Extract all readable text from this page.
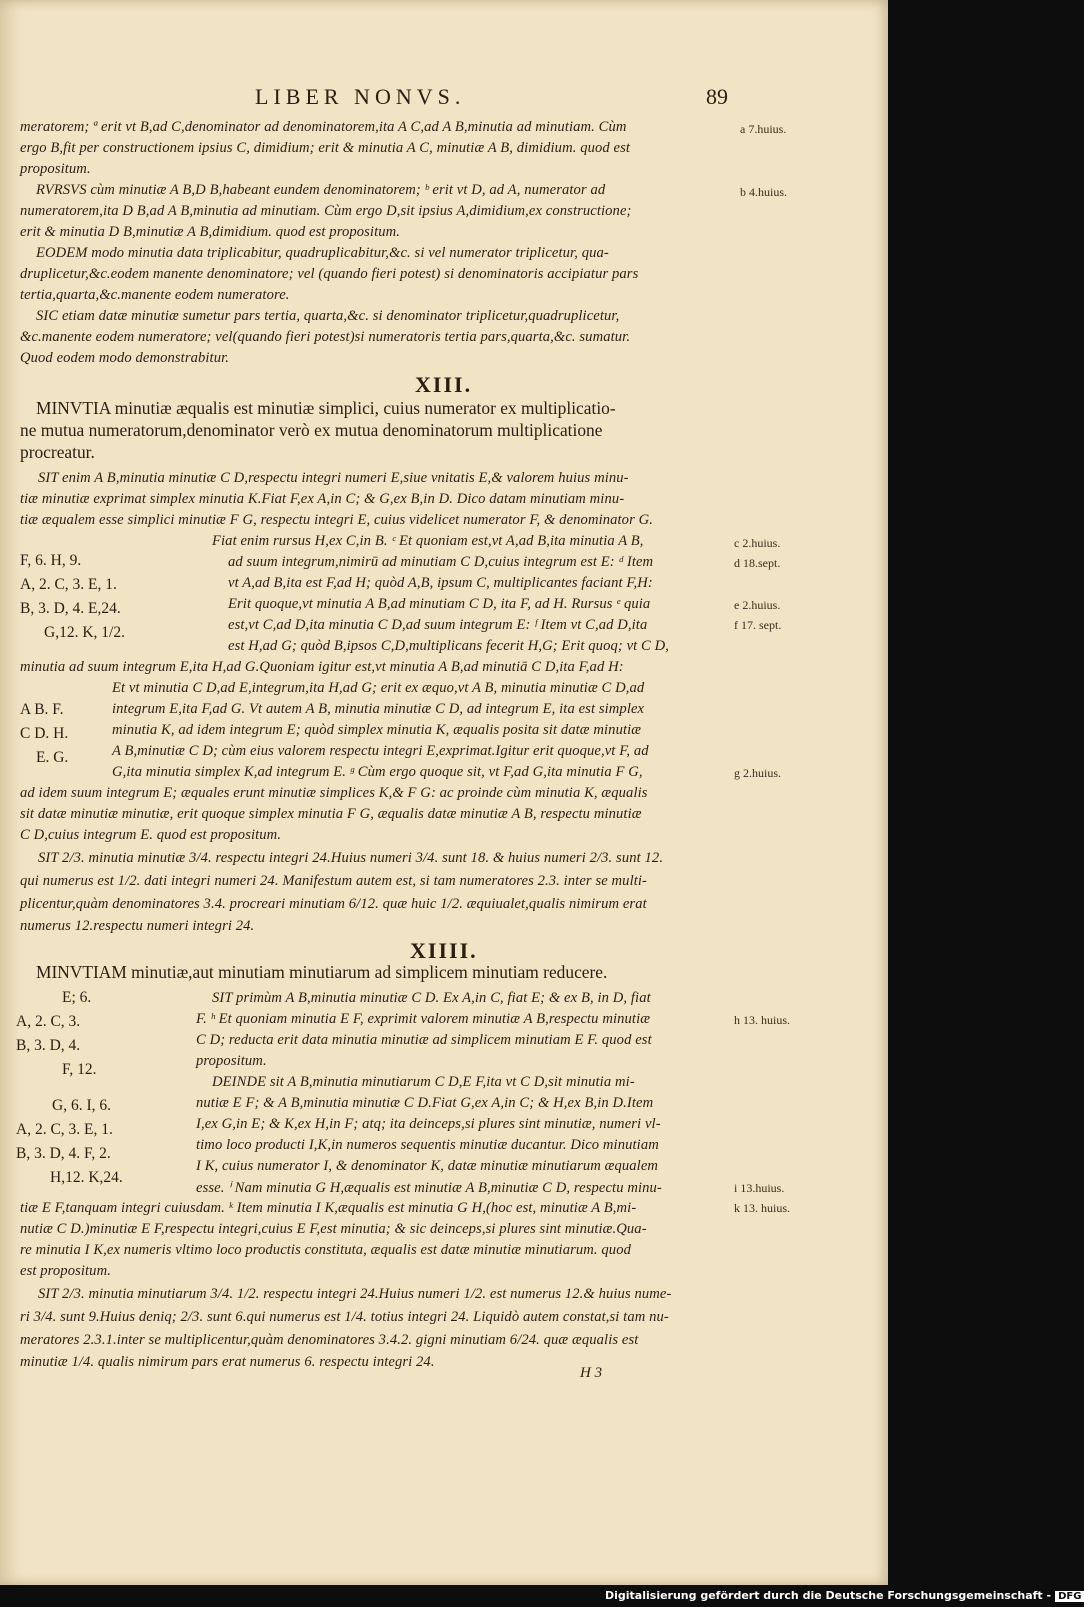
LIBER NONVS.	89
meratorem; ª erit vt B,ad C,denominator ad denominatorem,ita A C,ad A B,minutia ad minutiam. Cùm
ergo B,fit per constructionem ipsius C, dimidium; erit & minutia A C, minutiæ A B, dimidium. quod est
propositum.
RVRSVS cùm minutiæ A B,D B,habeant eundem denominatorem; ᵇ erit vt D, ad A, numerator ad
numeratorem,ita D B,ad A B,minutia ad minutiam. Cùm ergo D,sit ipsius A,dimidium,ex constructione;
erit & minutia D B,minutiæ A B,dimidium. quod est propositum.
EODEM modo minutia data triplicabitur, quadruplicabitur,&c. si vel numerator triplicetur, qua-
druplicetur,&c.eodem manente denominatore; vel (quando fieri potest) si denominatoris accipiatur pars
tertia,quarta,&c.manente eodem numeratore.
SIC etiam datæ minutiæ sumetur pars tertia, quarta,&c. si denominator triplicetur,quadruplicetur,
&c.manente eodem numeratore; vel(quando fieri potest)si numeratoris tertia pars,quarta,&c. sumatur.
Quod eodem modo demonstrabitur.
XIII.
MINVTIA minutiæ æqualis est minutiæ simplici, cuius numerator ex multiplicatio-
ne mutua numeratorum,denominator verò ex mutua denominatorum multiplicatione
procreatur.
SIT enim A B,minutia minutiæ C D,respectu integri numeri E,siue vnitatis E,& valorem huius minu-
tiæ minutiæ exprimat simplex minutia K.Fiat F,ex A,in C; & G,ex B,in D. Dico datam minutiam minu-
tiæ æqualem esse simplici minutiæ F G, respectu integri E, cuius videlicet numerator F, & denominator G.
Fiat enim rursus H,ex C,in B. ᶜ Et quoniam est,vt A,ad B,ita minutia A B,
ad suum integrum,nimirū ad minutiam C D,cuius integrum est E: ᵈ Item
vt A,ad B,ita est F,ad H; quòd A,B, ipsum C, multiplicantes faciant F,H:
Erit quoque,vt minutia A B,ad minutiam C D, ita F, ad H. Rursus ᵉ quia
est,vt C,ad D,ita minutia C D,ad suum integrum E: ᶠ Item vt C,ad D,ita
est H,ad G; quòd B,ipsos C,D,multiplicans fecerit H,G; Erit quoq; vt C D,
minutia ad suum integrum E,ita H,ad G.Quoniam igitur est,vt minutia A B,ad minutiā C D,ita F,ad H:
Et vt minutia C D,ad E,integrum,ita H,ad G; erit ex æquo,vt A B, minutia minutiæ C D,ad
integrum E,ita F,ad G. Vt autem A B, minutia minutiæ C D, ad integrum E, ita est simplex
minutia K, ad idem integrum E; quòd simplex minutia K, æqualis posita sit datæ minutiæ
A B,minutiæ C D; cùm eius valorem respectu integri E,exprimat.Igitur erit quoque,vt F, ad
G,ita minutia simplex K,ad integrum E. ᵍ Cùm ergo quoque sit, vt F,ad G,ita minutia F G,
ad idem suum integrum E; æquales erunt minutiæ simplices K,& F G: ac proinde cùm minutia K, æqualis
sit datæ minutiæ minutiæ, erit quoque simplex minutia F G, æqualis datæ minutiæ A B, respectu minutiæ
C D,cuius integrum E. quod est propositum.
SIT 2/3. minutia minutiæ 3/4. respectu integri 24.Huius numeri 3/4. sunt 18. & huius numeri 2/3. sunt 12.
qui numerus est 1/2. dati integri numeri 24. Manifestum autem est, si tam numeratores 2.3. inter se multi-
plicentur,quàm denominatores 3.4. procreari minutiam 6/12. quæ huic 1/2. æquiualet,qualis nimirum erat
numerus 12.respectu numeri integri 24.
XIIII.
MINVTIAM minutiæ,aut minutiam minutiarum ad simplicem minutiam reducere.
SIT primùm A B,minutia minutiæ C D. Ex A,in C, fiat E; & ex B, in D, fiat
F. ʰ Et quoniam minutia E F, exprimit valorem minutiæ A B,respectu minutiæ
C D; reducta erit data minutia minutiæ ad simplicem minutiam E F. quod est
propositum.
DEINDE sit A B,minutia minutiarum C D,E F,ita vt C D,sit minutia mi-
nutiæ E F; & A B,minutia minutiæ C D.Fiat G,ex A,in C; & H,ex B,in D.Item
I,ex G,in E; & K,ex H,in F; atq; ita deinceps,si plures sint minutiæ, numeri vl-
timo loco producti I,K,in numeros sequentis minutiæ ducantur. Dico minutiam
I K, cuius numerator I, & denominator K, datæ minutiæ minutiarum æqualem
esse. ⁱ Nam minutia G H,æqualis est minutiæ A B,minutiæ C D, respectu minu-
tiæ E F,tanquam integri cuiusdam. ᵏ Item minutia I K,æqualis est minutia G H,(hoc est, minutiæ A B,mi-
nutiæ C D.)minutiæ E F,respectu integri,cuius E F,est minutia; & sic deinceps,si plures sint minutiæ.Qua-
re minutia I K,ex numeris vltimo loco productis constituta, æqualis est datæ minutiæ minutiarum. quod
est propositum.
SIT 2/3. minutia minutiarum 3/4. 1/2. respectu integri 24.Huius numeri 1/2. est numerus 12.& huius nume-
ri 3/4. sunt 9.Huius deniq; 2/3. sunt 6.qui numerus est 1/4. totius integri 24. Liquidò autem constat,si tam nu-
meratores 2.3.1.inter se multiplicentur,quàm denominatores 3.4.2. gigni minutiam 6/24. quæ æqualis est
minutiæ 1/4. qualis nimirum pars erat numerus 6. respectu integri 24.
F, 6. H, 9.
A, 2. C, 3. E, 1.
B, 3. D, 4. E,24.
G,12. K, 1/2.
A B. F.
C D. H.
E. G.
E; 6.
A, 2. C, 3.
B, 3. D, 4.
F, 12.
G, 6. I, 6.
A, 2. C, 3. E, 1.
B, 3. D, 4. F, 2.
H,12. K,24.
a 7.huius.
b 4.huius.
c 2.huius.
d 18.sept.
e 2.huius.
f 17. sept.
g 2.huius.
h 13. huius.
i 13.huius.
k 13. huius.
H 3
Digitalisierung gefördert durch die Deutsche Forschungsgemeinschaft - DFG
